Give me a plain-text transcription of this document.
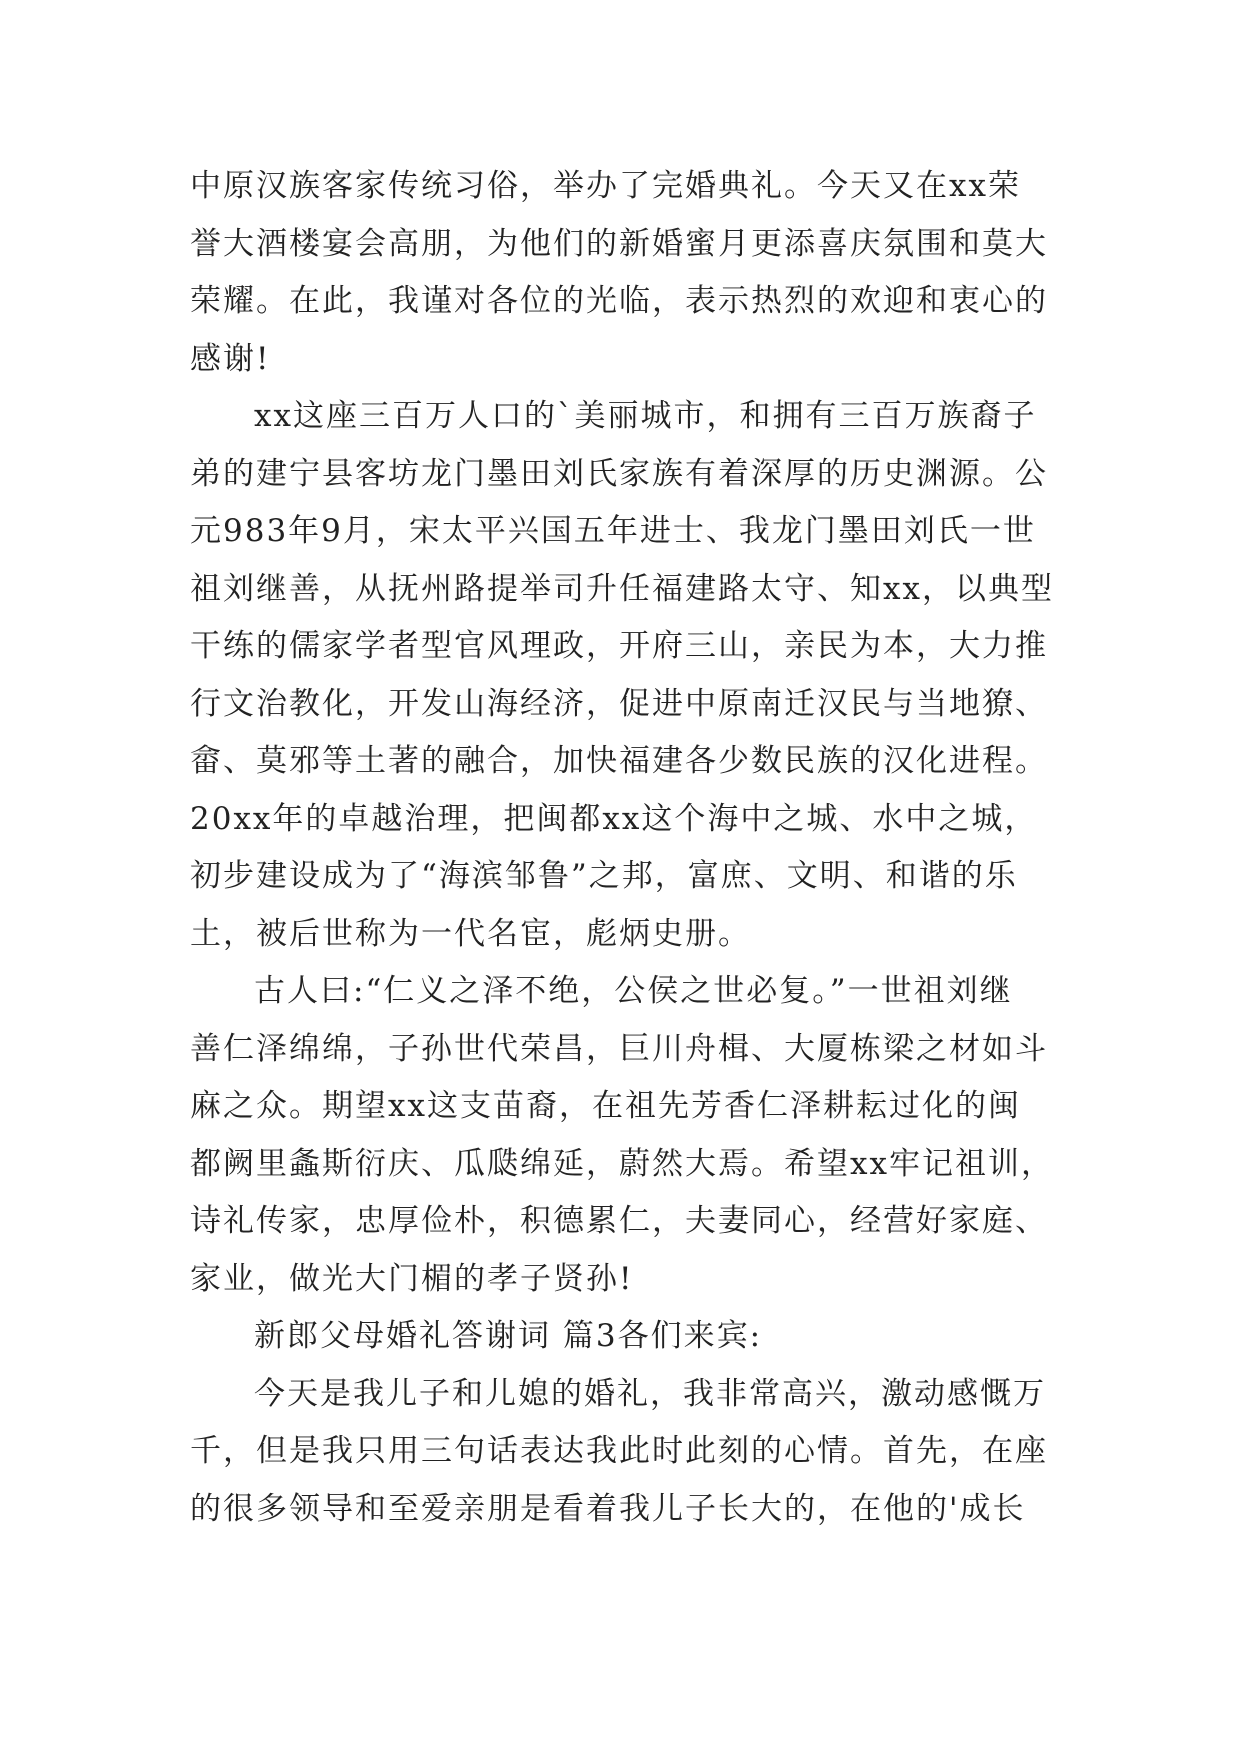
中原汉族客家传统习俗，举办了完婚典礼。今天又在xx荣
誉大酒楼宴会高朋，为他们的新婚蜜月更添喜庆氛围和莫大
荣耀。在此，我谨对各位的光临，表示热烈的欢迎和衷心的
感谢!
xx这座三百万人口的`美丽城市，和拥有三百万族裔子
弟的建宁县客坊龙门墨田刘氏家族有着深厚的历史渊源。公
元983年9月，宋太平兴国五年进士、我龙门墨田刘氏一世
祖刘继善，从抚州路提举司升任福建路太守、知xx，以典型
干练的儒家学者型官风理政，开府三山，亲民为本，大力推
行文治教化，开发山海经济，促进中原南迁汉民与当地獠、
畲、莫邪等土著的融合，加快福建各少数民族的汉化进程。
20xx年的卓越治理，把闽都xx这个海中之城、水中之城，
初步建设成为了“海滨邹鲁”之邦，富庶、文明、和谐的乐
土，被后世称为一代名宦，彪炳史册。
古人曰:“仁义之泽不绝，公侯之世必复。”一世祖刘继
善仁泽绵绵，子孙世代荣昌，巨川舟楫、大厦栋梁之材如斗
麻之众。期望xx这支苗裔，在祖先芳香仁泽耕耘过化的闽
都阙里螽斯衍庆、瓜瓞绵延，蔚然大焉。希望xx牢记祖训，
诗礼传家，忠厚俭朴，积德累仁，夫妻同心，经营好家庭、
家业，做光大门楣的孝子贤孙!
新郎父母婚礼答谢词 篇3各们来宾:
今天是我儿子和儿媳的婚礼，我非常高兴，激动感慨万
千，但是我只用三句话表达我此时此刻的心情。首先，在座
的很多领导和至爱亲朋是看着我儿子长大的，在他的'成长
